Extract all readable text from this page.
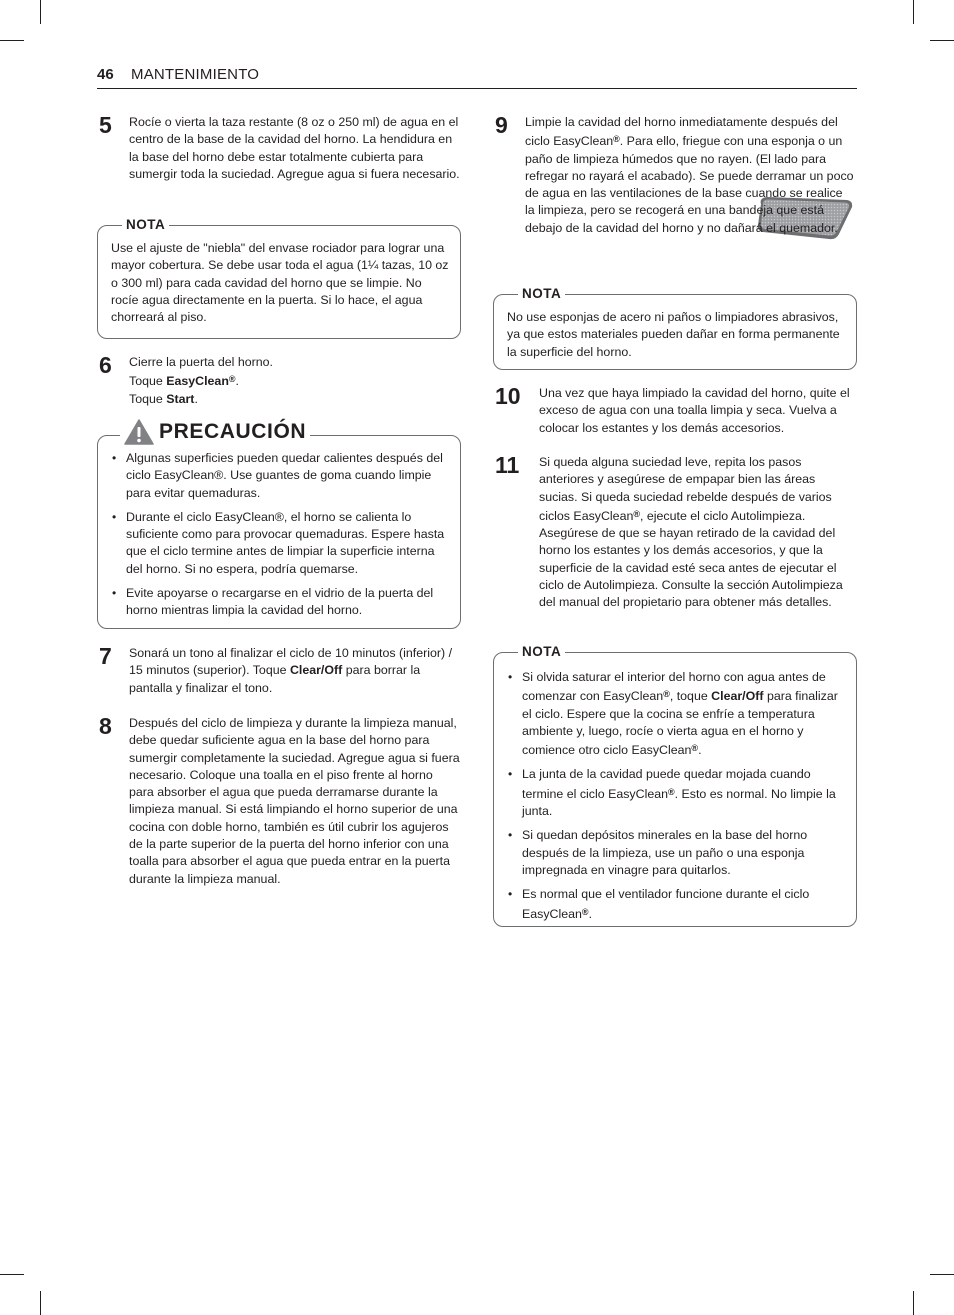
46 MANTENIMIENTO
5 Rocíe o vierta la taza restante (8 oz o 250 ml) de agua en el centro de la base de la cavidad del horno. La hendidura en la base del horno debe estar totalmente cubierta para sumergir toda la suciedad. Agregue agua si fuera necesario.
NOTA
Use el ajuste de "niebla" del envase rociador para lograr una mayor cobertura. Se debe usar toda el agua (1¼ tazas, 10 oz o 300 ml) para cada cavidad del horno que se limpie. No rocíe agua directamente en la puerta. Si lo hace, el agua chorreará al piso.
6 Cierre la puerta del horno.

Toque EasyClean®.

Toque Start.

PRECAUCIÓN
• Algunas superficies pueden quedar calientes después del ciclo EasyClean®. Use guantes de goma cuando limpie para evitar quemaduras.
• Durante el ciclo EasyClean®, el horno se calienta lo suficiente como para provocar quemaduras. Espere hasta que el ciclo termine antes de limpiar la superficie interna del horno. Si no espera, podría quemarse.
• Evite apoyarse o recargarse en el vidrio de la puerta del horno mientras limpia la cavidad del horno.
7 Sonará un tono al finalizar el ciclo de 10 minutos (inferior) / 15 minutos (superior). Toque Clear/Off para borrar la pantalla y finalizar el tono.
8 Después del ciclo de limpieza y durante la limpieza manual, debe quedar suficiente agua en la base del horno para sumergir completamente la suciedad. Agregue agua si fuera necesario. Coloque una toalla en el piso frente al horno para absorber el agua que pueda derramarse durante la limpieza manual. Si está limpiando el horno superior de una cocina con doble horno, también es útil cubrir los agujeros de la parte superior de la puerta del horno inferior con una toalla para absorber el agua que pueda entrar en la puerta durante la limpieza manual.
9 Limpie la cavidad del horno inmediatamente después del ciclo EasyClean®. Para ello, friegue con una esponja o un paño de limpieza húmedos que no rayen. (El lado para refregar no rayará el acabado). Se puede derramar un poco de agua en las ventilaciones de la base cuando se realice la limpieza, pero se recogerá en una bandeja que está debajo de la cavidad del horno y no dañará el quemador.
NOTA
No use esponjas de acero ni paños o limpiadores abrasivos, ya que estos materiales pueden dañar en forma permanente la superficie del horno.
10 Una vez que haya limpiado la cavidad del horno, quite el exceso de agua con una toalla limpia y seca. Vuelva a colocar los estantes y los demás accesorios.
11 Si queda alguna suciedad leve, repita los pasos anteriores y asegúrese de empapar bien las áreas sucias. Si queda suciedad rebelde después de varios ciclos EasyClean®, ejecute el ciclo Autolimpieza. Asegúrese de que se hayan retirado de la cavidad del horno los estantes y los demás accesorios, y que la superficie de la cavidad esté seca antes de ejecutar el ciclo de Autolimpieza. Consulte la sección Autolimpieza del manual del propietario para obtener más detalles.
NOTA
• Si olvida saturar el interior del horno con agua antes de comenzar con EasyClean®, toque Clear/Off para finalizar el ciclo. Espere que la cocina se enfríe a temperatura ambiente y, luego, rocíe o vierta agua en el horno y comience otro ciclo EasyClean®.
• La junta de la cavidad puede quedar mojada cuando termine el ciclo EasyClean®. Esto es normal. No limpie la junta.
• Si quedan depósitos minerales en la base del horno después de la limpieza, use un paño o una esponja impregnada en vinagre para quitarlos.
• Es normal que el ventilador funcione durante el ciclo EasyClean®.
